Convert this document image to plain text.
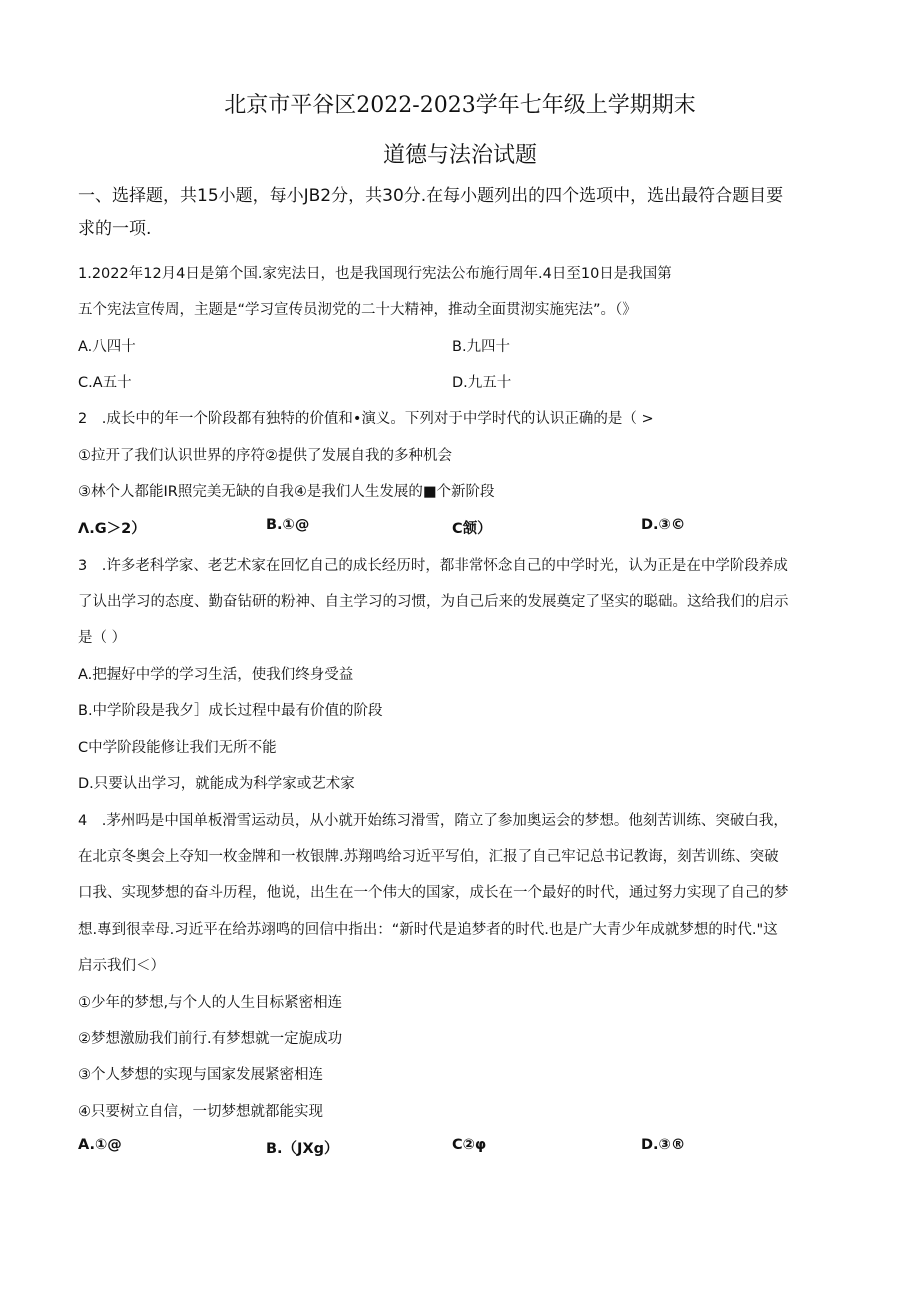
北京市平谷区2022-2023学年七年级上学期期末
道德与法治试题
一、选择题，共15小题，每小JB2分，共30分.在每小题列出的四个选项中，选出最符合题目要
求的一项.
1.2022年12月4日是第个国.家宪法日，也是我国现行宪法公布施行周年.4日至10日是我国第
五个宪法宣传周，主题是“学习宣传员沏党的二十大精神，推动全面贯沏实施宪法”。（》
A.八四十	B.九四十
C.A五十	D.九五十
2　.成长中的年一个阶段都有独特的价值和•演义。下列对于中学时代的认识正确的是（ >
①拉开了我们认识世界的序符②提供了发展自我的多种机会
③林个人都能IR照完美无缺的自我④是我们人生发展的■个新阶段
Λ.G＞2）	B.①@	C颔）	D.③©
3　.许多老科学家、老艺术家在回忆自己的成长经历时，都非常怀念自己的中学时光，认为正是在中学阶段养成
了认出学习的态度、勤奋钻研的粉神、自主学习的习惯，为自己后来的发展奠定了坚实的聪础。这给我们的启示
是（ ）
A.把握好中学的学习生活，使我们终身受益
B.中学阶段是我夕］成长过程中最有价值的阶段
C中学阶段能修让我们无所不能
D.只要认出学习，就能成为科学家或艺术家
4　.茅州吗是中国单板滑雪运动员，从小就开始练习滑雪，隋立了参加奥运会的梦想。他刻苦训练、突破白我，
在北京冬奥会上夺知一枚金牌和一枚银牌.苏翔鸣给习近平写伯，汇报了自己牢记总书记教诲，刻苦训练、突破
口我、实现梦想的奋斗历程，他说，出生在一个伟大的国家，成长在一个最好的时代，通过努力实现了自己的梦
想.專到很幸母.习近平在给苏翊鸣的回信中指出：“新时代是追梦者的时代.也是广大青少年成就梦想的时代."这
启示我们＜）
①少年的梦想,与个人的人生目标紧密相连
②梦想激励我们前行.有梦想就一定旎成功
③个人梦想的实现与国家发展紧密相连
④只要树立自信，一切梦想就都能实现
A.①@	B.（JXg）	C②φ	D.③®
